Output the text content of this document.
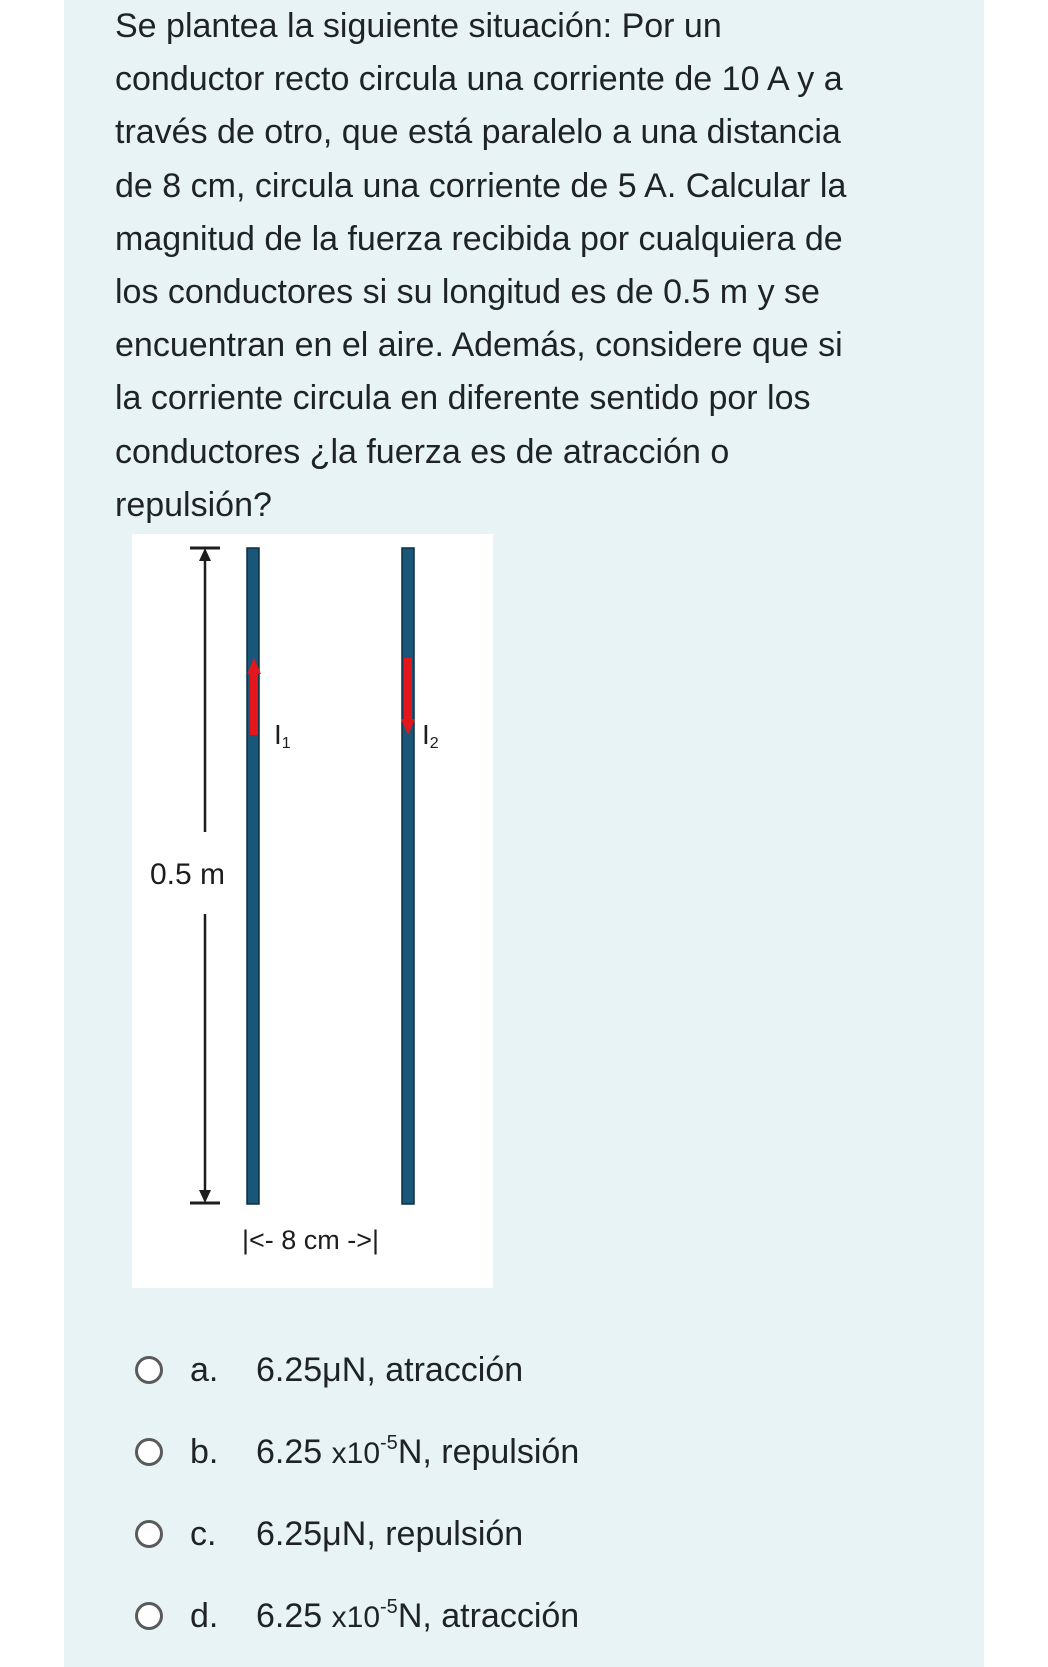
Se plantea la siguiente situación: Por un
conductor recto circula una corriente de 10 A y a
través de otro, que está paralelo a una distancia
de 8 cm, circula una corriente de 5 A. Calcular la
magnitud de la fuerza recibida por cualquiera de
los conductores si su longitud es de 0.5 m y se
encuentran en el aire. Además, considere que si
la corriente circula en diferente sentido por los
conductores ¿la fuerza es de atracción o
repulsión?

0.5 m
I1	I2
|<- 8 cm ->|
a. 6.25μN, atracción
b. 6.25 $x10^{-5}N$, repulsión
c. 6.25μN, repulsión
d. 6.25 $x10^{-5}N$, atracción
